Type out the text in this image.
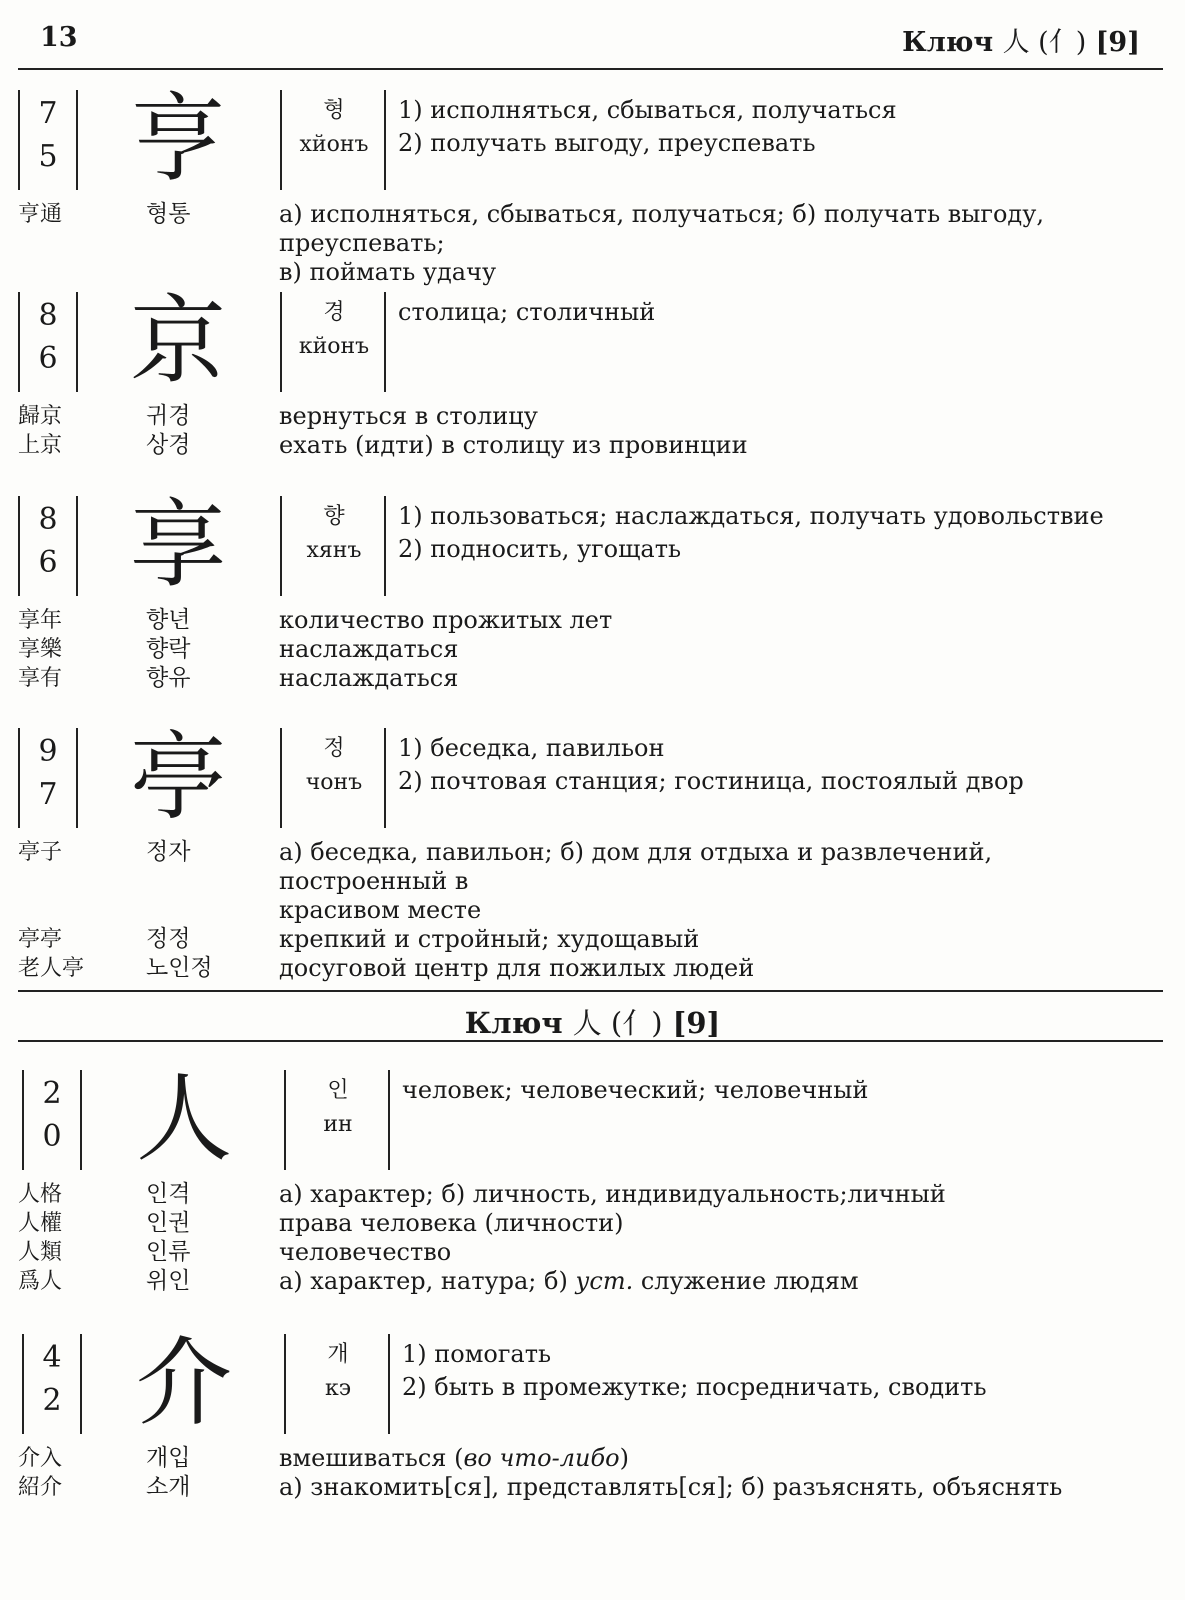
13	Ключ 人 (亻) [9]
7
5 亨	형
хйонъ
1) исполняться, сбываться, получаться
2) получать выгоду, преуспевать
亨通	형통	а) исполняться, сбываться, получаться; б) получать выгоду, преуспевать;
в) поймать удачу
8
6 京	경
кйонъ
столица; столичный
歸京	귀경	вернуться в столицу
上京	상경	ехать (идти) в столицу из провинции
8
6 享	향
хянъ
1) пользоваться; наслаждаться, получать удовольствие
2) подносить, угощать
享年	향년	количество прожитых лет
享樂	향락	наслаждаться
享有	향유	наслаждаться
9
7 亭	정
чонъ
1) беседка, павильон
2) почтовая станция; гостиница, постоялый двор
亭子	정자	а) беседка, павильон; б) дом для отдыха и развлечений, построенный в
красивом месте
亭亭	정정	крепкий и стройный; худощавый
老人亭	노인정	досуговой центр для пожилых людей
Ключ 人 (亻) [9]
2
0 人	인
ин
человек; человеческий; человечный
人格	인격	а) характер; б) личность, индивидуальность;личный
人權	인권	права человека (личности)
人類	인류	человечество
爲人	위인	а) характер, натура; б) уст. служение людям
4
2 介	개
кэ
1) помогать
2) быть в промежутке; посредничать, сводить
介入	개입	вмешиваться (во что-либо)
紹介	소개	а) знакомить[ся], представлять[ся]; б) разъяснять, объяснять
